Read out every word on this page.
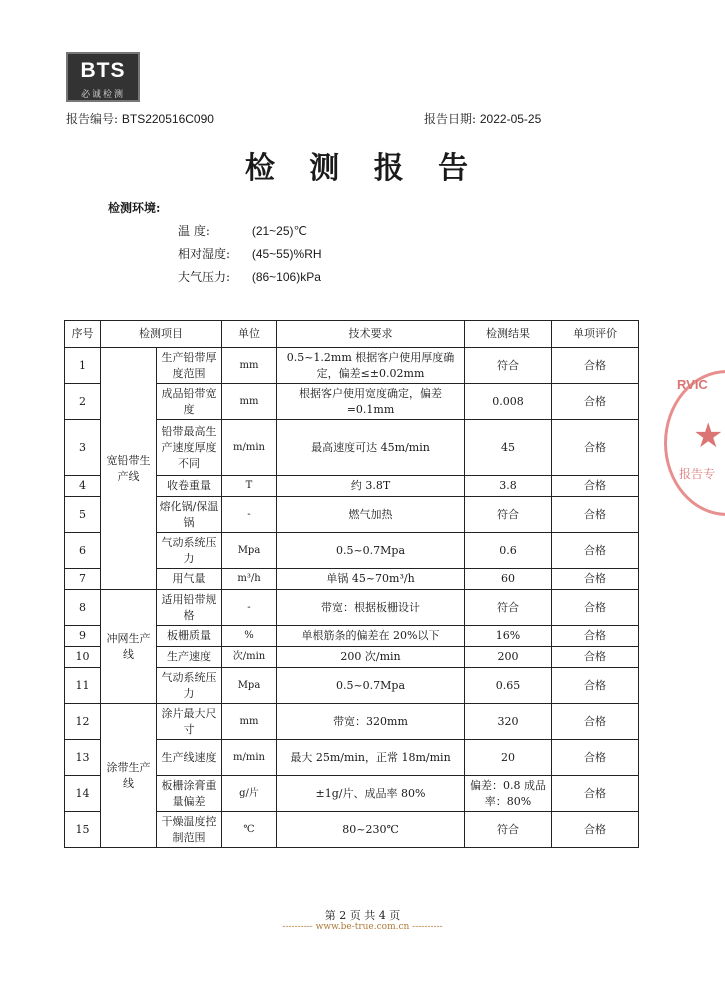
BTS
必诚检测
报告编号: BTS220516C090	报告日期: 2022-05-25
检 测 报 告
检测环境:
温 度:	(21~25)℃
相对湿度: (45~55)%RH
大气压力: (86~106)kPa
序号	检测项目		单位	技术要求	检测结果	单项评价
1	宽铅带生产线	生产铅带厚度范围	mm	0.5~1.2mm 根据客户使用厚度确定，偏差≤±0.02mm	符合	合格
2		成品铅带宽度	mm	根据客户使用宽度确定，偏差=0.1mm	0.008	合格
3		铅带最高生产速度厚度不同	m/min	最高速度可达 45m/min	45	合格
4		收卷重量	T	约 3.8T	3.8	合格
5		熔化锅/保温锅	-	燃气加热	符合	合格
6		气动系统压力	Mpa	0.5~0.7Mpa	0.6	合格
7		用气量	m³/h	单锅 45~70m³/h	60	合格
8	冲网生产线	适用铅带规格	-	带宽：根据板栅设计	符合	合格
9		板栅质量	%	单根筋条的偏差在 20%以下	16%	合格
10		生产速度	次/min	200 次/min	200	合格
11		气动系统压力	Mpa	0.5~0.7Mpa	0.65	合格
12	涂带生产线	涂片最大尺寸	mm	带宽：320mm	320	合格
13		生产线速度	m/min	最大 25m/min，正常 18m/min	20	合格
14		板栅涂膏重量偏差	g/片	±1g/片、成品率 80%	偏差：0.8 成品率：80%	合格
15		干燥温度控制范围	℃	80~230℃	符合	合格
RVIC
★
报告专
第 2 页 共 4 页
---------- www.be-true.com.cn ----------
